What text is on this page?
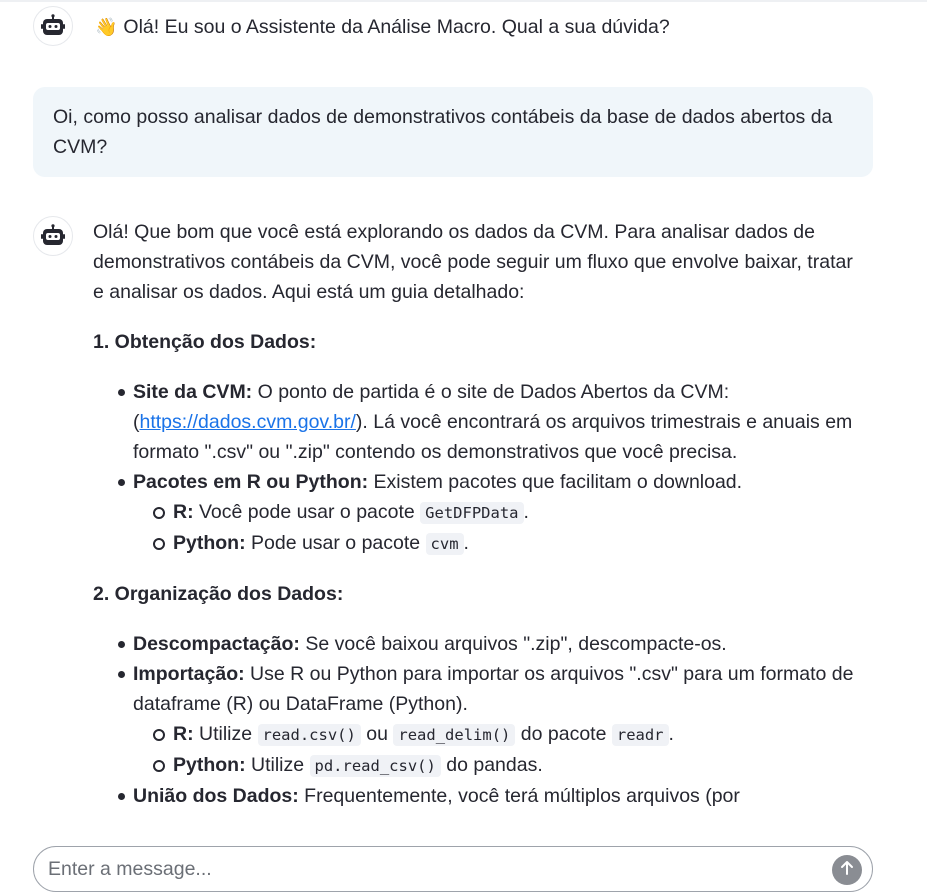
👋 Olá! Eu sou o Assistente da Análise Macro. Qual a sua dúvida?
Oi, como posso analisar dados de demonstrativos contábeis da base de dados abertos da CVM?

Olá! Que bom que você está explorando os dados da CVM. Para analisar dados de demonstrativos contábeis da CVM, você pode seguir um fluxo que envolve baixar, tratar e analisar os dados. Aqui está um guia detalhado:

1. Obtenção dos Dados:
Site da CVM: O ponto de partida é o site de Dados Abertos da CVM: (https://dados.cvm.gov.br/). Lá você encontrará os arquivos trimestrais e anuais em formato ".csv" ou ".zip" contendo os demonstrativos que você precisa.
Pacotes em R ou Python: Existem pacotes que facilitam o download.
R: Você pode usar o pacote GetDFPData .
Python: Pode usar o pacote cvm .
2. Organização dos Dados:
Descompactação: Se você baixou arquivos ".zip", descompacte-os.
Importação: Use R ou Python para importar os arquivos ".csv" para um formato de dataframe (R) ou DataFrame (Python).
R: Utilize read.csv() ou read_delim() do pacote readr .
Python: Utilize pd.read_csv() do pandas.
União dos Dados: Frequentemente, você terá múltiplos arquivos (por
Enter a message...
